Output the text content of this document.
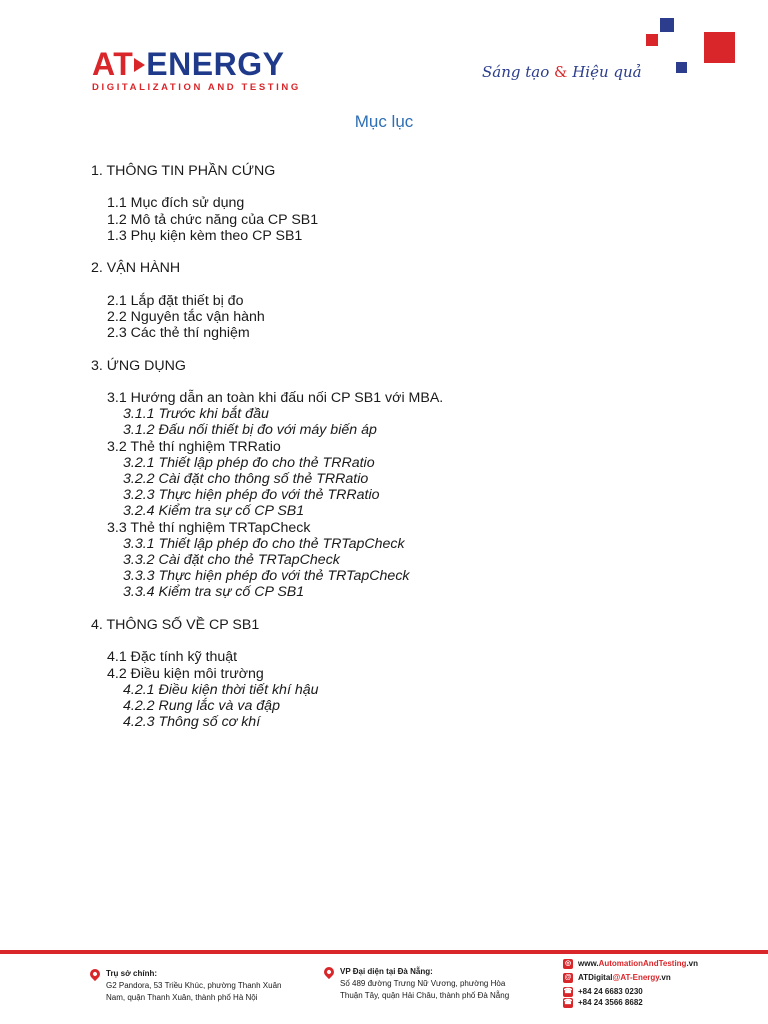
AT ENERGY
DIGITALIZATION AND TESTING
Sáng tạo & Hiệu quả
Mục lục
1. THÔNG TIN PHẦN CỨNG
1.1 Mục đích sử dụng
1.2 Mô tả chức năng của CP SB1
1.3 Phụ kiện kèm theo CP SB1
2. VẬN HÀNH
2.1 Lắp đặt thiết bị đo
2.2 Nguyên tắc vận hành
2.3 Các thẻ thí nghiệm
3. ỨNG DỤNG
3.1 Hướng dẫn an toàn khi đấu nối CP SB1 với MBA.
3.1.1 Trước khi bắt đầu
3.1.2 Đấu nối thiết bị đo với máy biến áp
3.2 Thẻ thí nghiệm TRRatio
3.2.1 Thiết lập phép đo cho thẻ TRRatio
3.2.2 Cài đặt cho thông số thẻ TRRatio
3.2.3 Thực hiện phép đo với thẻ TRRatio
3.2.4 Kiểm tra sự cố CP SB1
3.3 Thẻ thí nghiệm TRTapCheck
3.3.1 Thiết lập phép đo cho thẻ TRTapCheck
3.3.2 Cài đặt cho thẻ TRTapCheck
3.3.3 Thực hiện phép đo với thẻ TRTapCheck
3.3.4 Kiểm tra sự cố CP SB1
4. THÔNG SỐ VỀ CP SB1
4.1 Đặc tính kỹ thuật
4.2 Điều kiện môi trường
4.2.1 Điều kiện thời tiết khí hậu
4.2.2 Rung lắc và va đập
4.2.3 Thông số cơ khí
Trụ sở chính:
G2 Pandora, 53 Triều Khúc, phường Thanh Xuân
Nam, quận Thanh Xuân, thành phố Hà Nội
VP Đại diện tại Đà Nẵng:
Số 489 đường Trưng Nữ Vương, phường Hòa
Thuận Tây, quận Hải Châu, thành phố Đà Nẵng
◎ www.AutomationAndTesting.vn
@ ATDigital@AT-Energy.vn
☎ +84 24 6683 0230
☎ +84 24 3566 8682
